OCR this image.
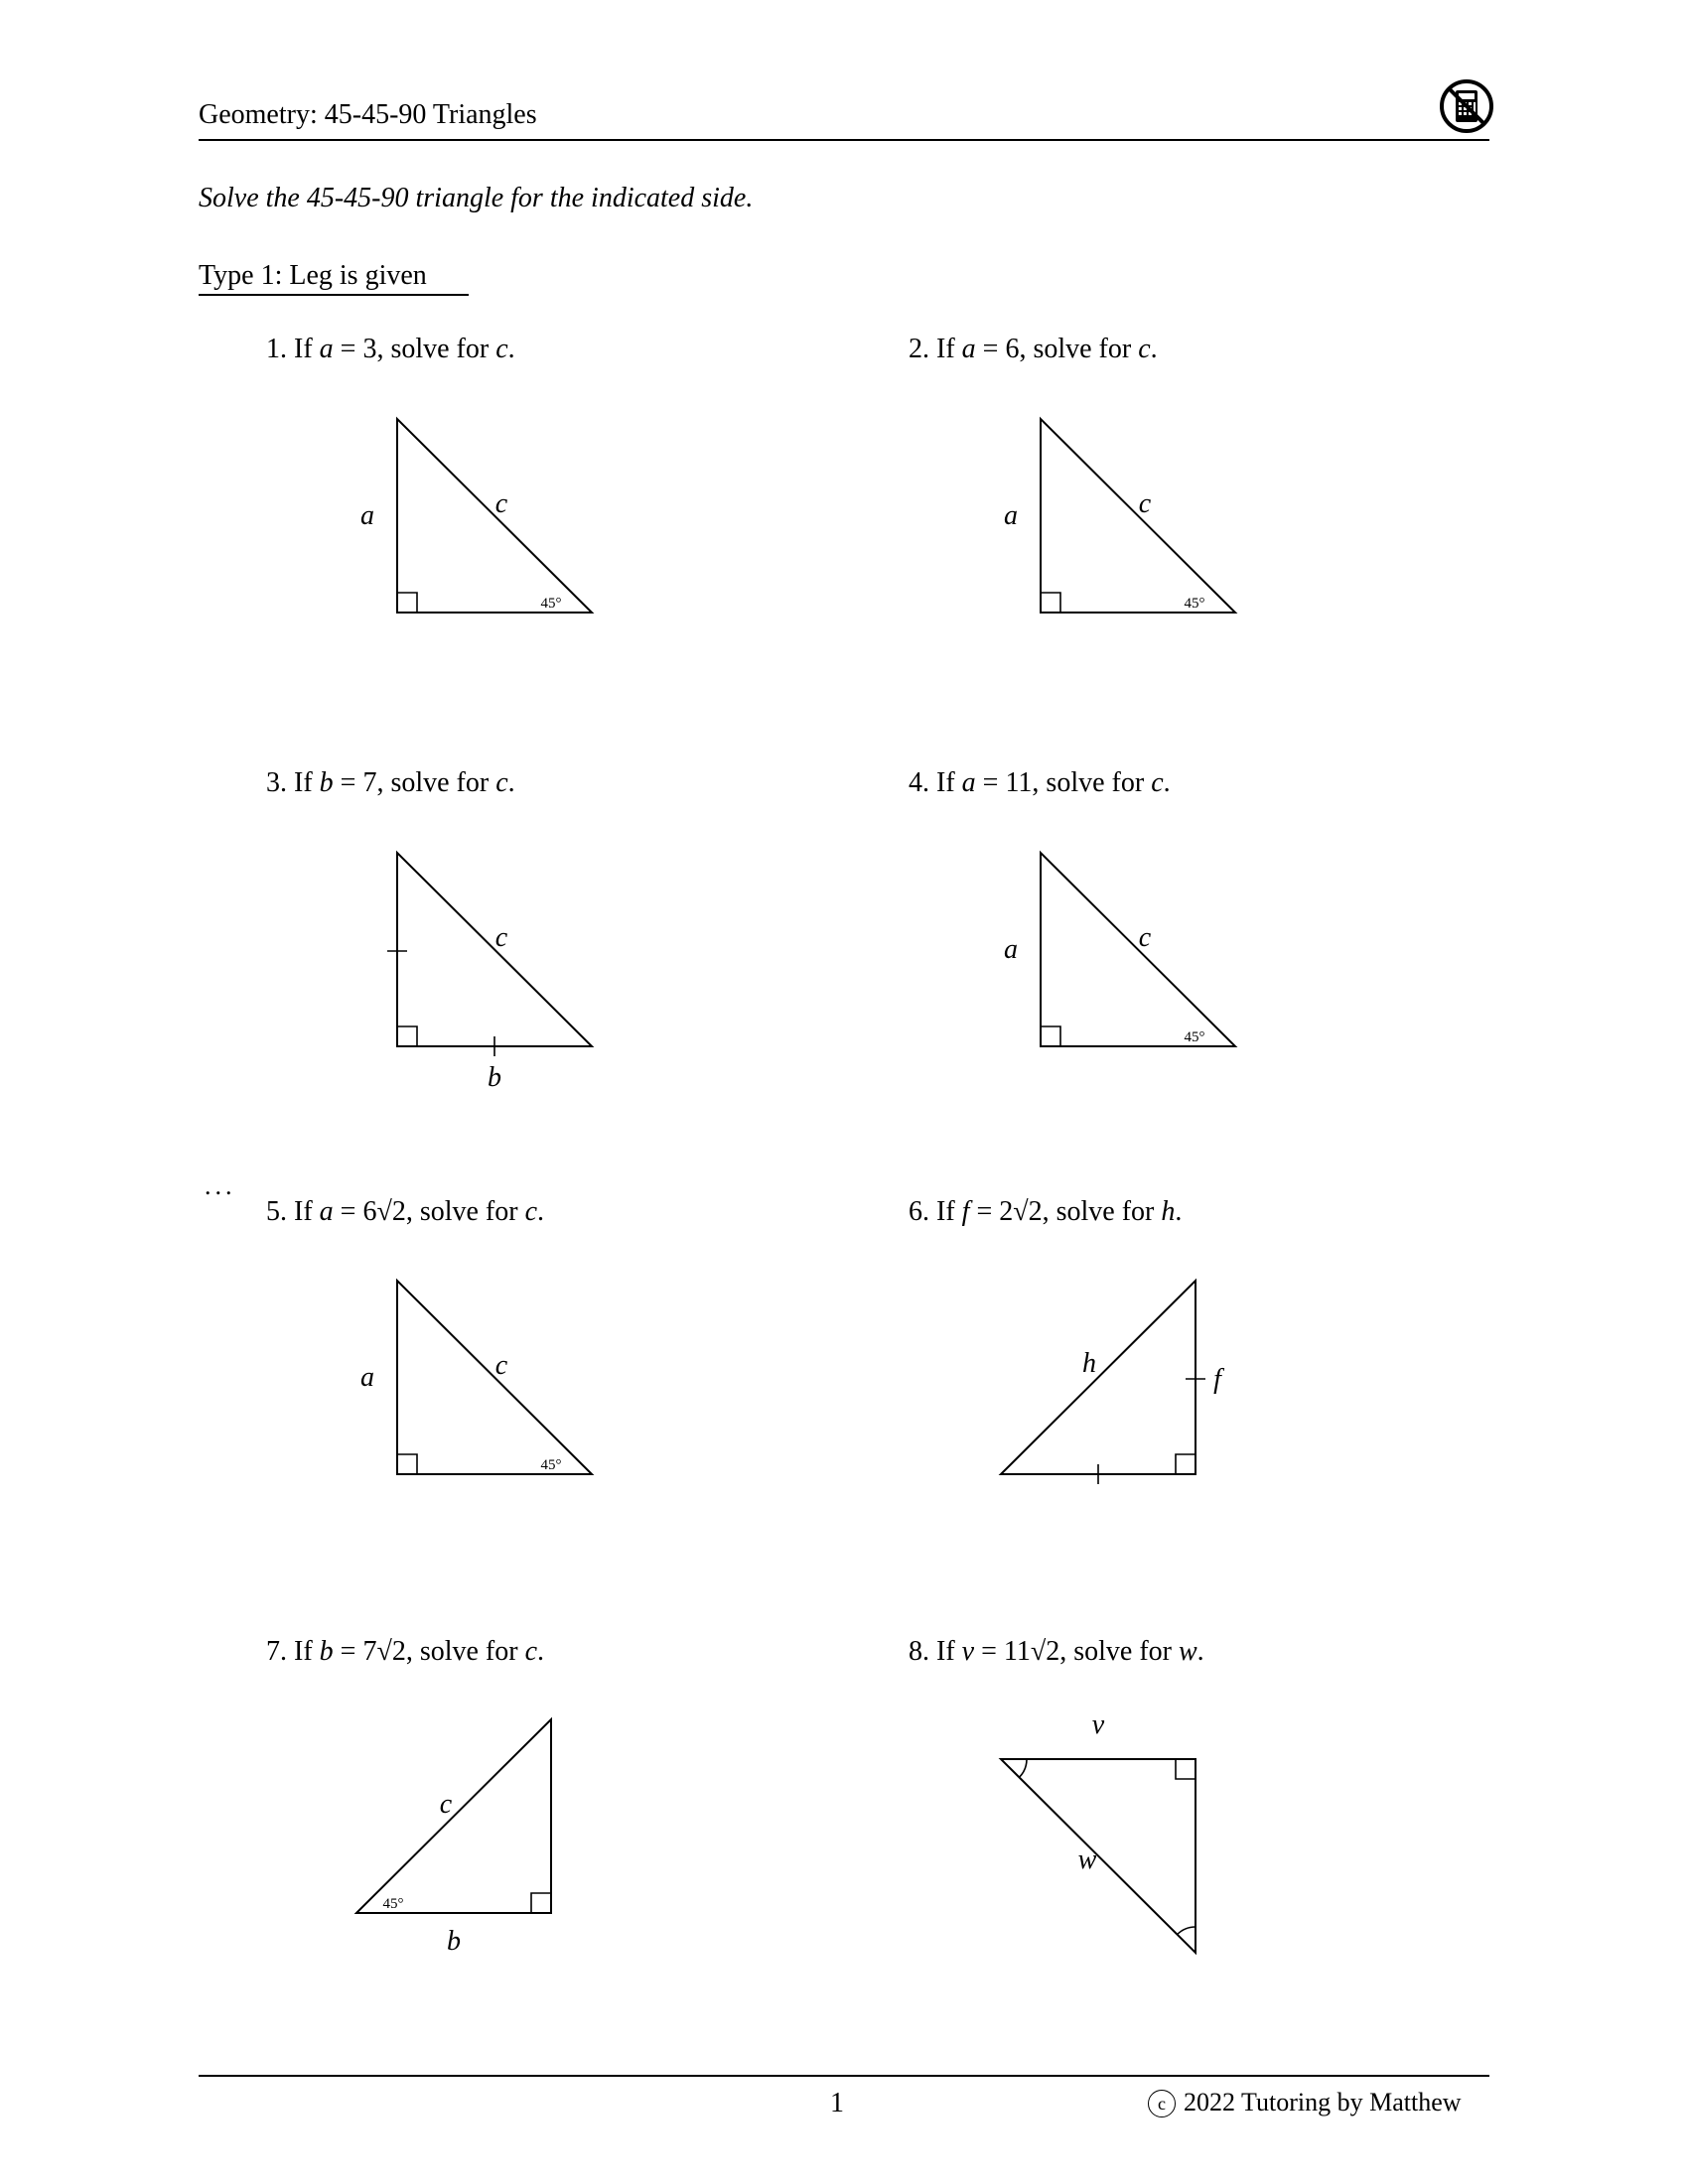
Geometry: 45-45-90 Triangles
Solve the 45-45-90 triangle for the indicated side.
Type 1: Leg is given
1. If a = 3, solve for c.
a	c
45°
2. If a = 6, solve for c.
a	c
45°
3. If b = 7, solve for c.
c
b
4. If a = 11, solve for c.
a	c
45°
...
5. If a = 6√2, solve for c.
a	c
45°
6. If f = 2√2, solve for h.
h
f
7. If b = 7√2, solve for c.
c
45°
b
8. If v = 11√2, solve for w.
v
w
1	c 2022 Tutoring by Matthew
